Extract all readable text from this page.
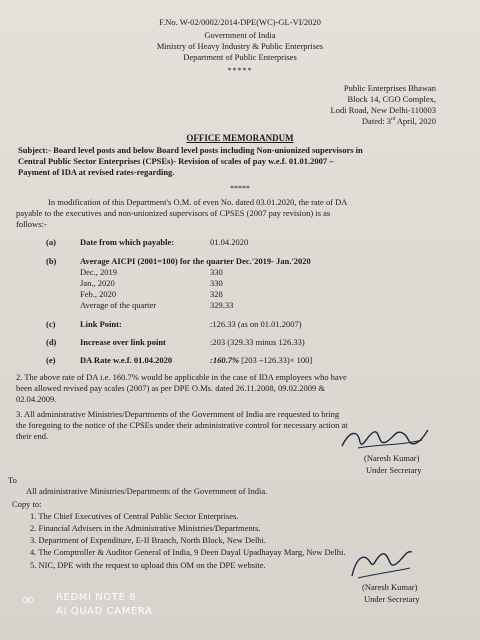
F.No. W-02/0002/2014-DPE(WC)-GL-VI/2020
Government of India
Ministry of Heavy Industry & Public Enterprises
Department of Public Enterprises
*****
Public Enterprises Bhawan
Block 14, CGO Complex,
Lodi Road, New Delhi-110003
Dated: 3rd April, 2020
OFFICE MEMORANDUM
Subject:- Board level posts and below Board level posts including Non-unionized supervisors in
Central Public Sector Enterprises (CPSEs)- Revision of scales of pay w.e.f. 01.01.2007 –
Payment of IDA at revised rates-regarding.
*****
In modification of this Department's O.M. of even No. dated 03.01.2020, the rate of DA
payable to the executives and non-unionized supervisors of CPSES (2007 pay revision) is as
follows:-
(a)	Date from which payable:	01.04.2020
(b)	Average AICPI (2001=100) for the quarter Dec.'2019- Jan.'2020
Dec., 2019	330
Jan., 2020	330
Feb., 2020	328
Average of the quarter	329.33
(c)	Link Point:	:126.33 (as on 01.01.2007)
(d)	Increase over link point	:203 (329.33 minus 126.33)
(e)	DA Rate w.e.f. 01.04.2020	:160.7% [203 ÷126.33)× 100]
2. The above rate of DA i.e. 160.7% would be applicable in the case of IDA employees who have
been allowed revised pay scales (2007) as per DPE O.Ms. dated 26.11.2008, 09.02.2009 &
02.04.2009.
3. All administrative Ministries/Departments of the Government of India are requested to bring
the foregoing to the notice of the CPSEs under their administrative control for necessary action at
their end.
(Naresh Kumar)
Under Secretary
To
All administrative Ministries/Departments of the Government of India.
Copy to:
1. The Chief Executives of Central Public Sector Enterprises.
2. Financial Advisers in the Administrative Ministries/Departments.
3. Department of Expenditure, E-II Branch, North Block, New Delhi.
4. The Comptroller & Auditor General of India, 9 Deen Dayal Upadhayay Marg, New Delhi.
5. NIC, DPE with the request to upload this OM on the DPE website.
(Naresh Kumar)
Under Secretary
REDMI NOTE 8
AI QUAD CAMERA
